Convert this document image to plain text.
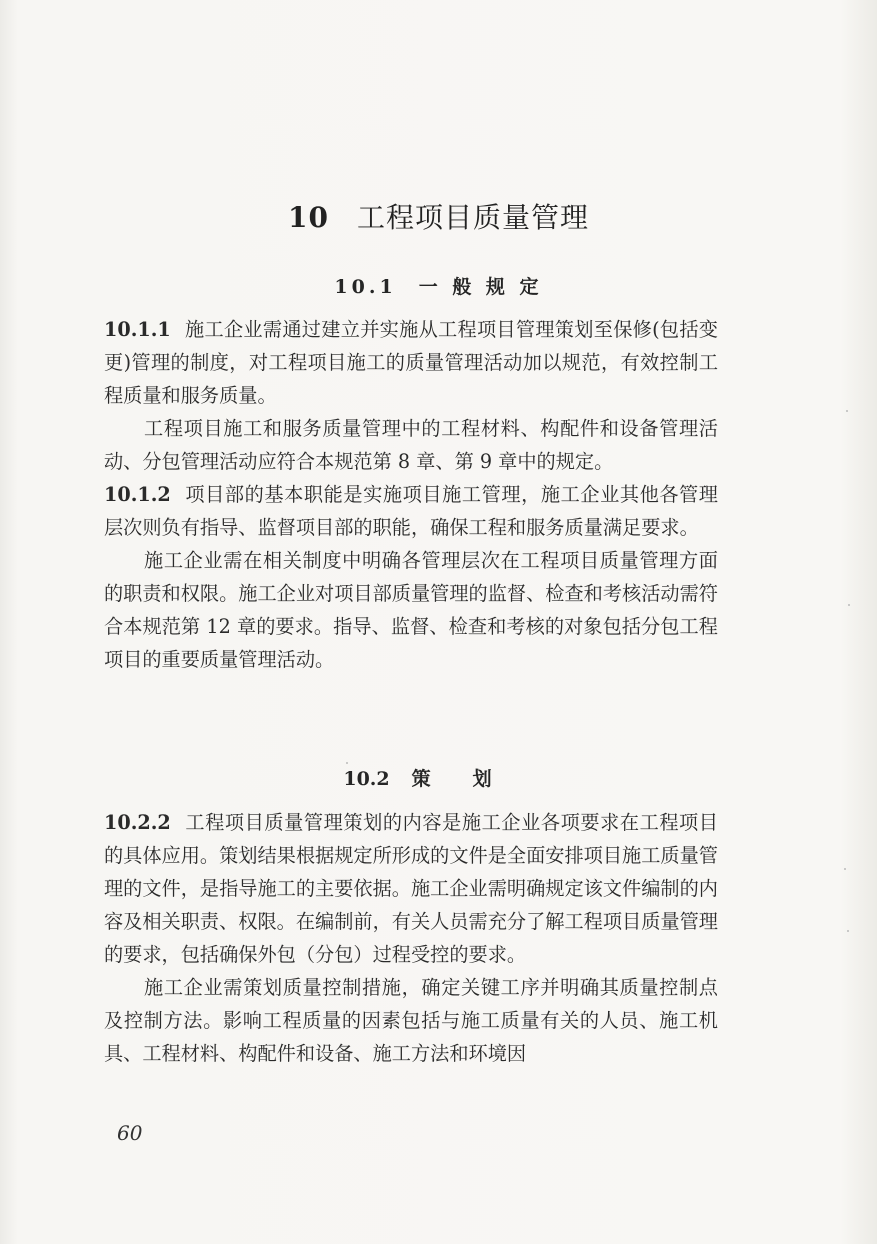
10 工程项目质量管理
10.1 一 般 规 定

10.1.1 施工企业需通过建立并实施从工程项目管理策划至保修(包括变更)管理的制度，对工程项目施工的质量管理活动加以规范，有效控制工程质量和服务质量。

工程项目施工和服务质量管理中的工程材料、构配件和设备管理活动、分包管理活动应符合本规范第 8 章、第 9 章中的规定。

10.1.2 项目部的基本职能是实施项目施工管理，施工企业其他各管理层次则负有指导、监督项目部的职能，确保工程和服务质量满足要求。

施工企业需在相关制度中明确各管理层次在工程项目质量管理方面的职责和权限。施工企业对项目部质量管理的监督、检查和考核活动需符合本规范第 12 章的要求。指导、监督、检查和考核的对象包括分包工程项目的重要质量管理活动。

10.2 策划

10.2.2 工程项目质量管理策划的内容是施工企业各项要求在工程项目的具体应用。策划结果根据规定所形成的文件是全面安排项目施工质量管理的文件，是指导施工的主要依据。施工企业需明确规定该文件编制的内容及相关职责、权限。在编制前，有关人员需充分了解工程项目质量管理的要求，包括确保外包（分包）过程受控的要求。

施工企业需策划质量控制措施，确定关键工序并明确其质量控制点及控制方法。影响工程质量的因素包括与施工质量有关的人员、施工机具、工程材料、构配件和设备、施工方法和环境因

60
